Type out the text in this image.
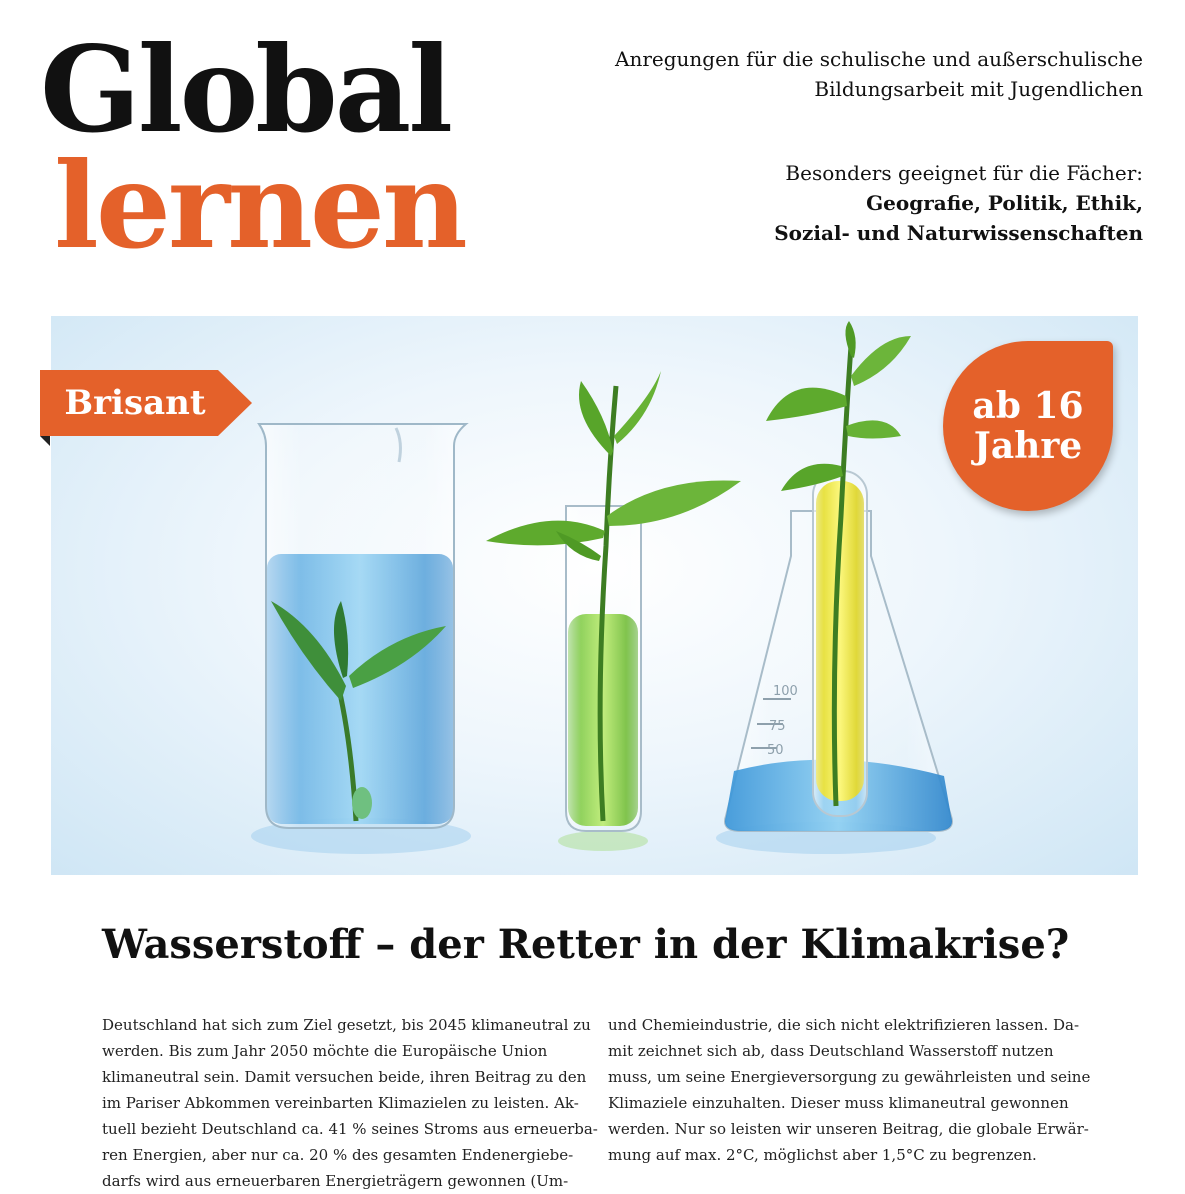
Global

lernen

Anregungen für die schulische und außerschulische
Bildungsarbeit mit Jugendlichen

Besonders geeignet für die Fächer:

Geografie, Politik, Ethik,
Sozial- und Naturwissenschaften

100
75
50
Brisant	ab 16
Jahre
Wasserstoff – der Retter in der Klimakrise?

Deutschland hat sich zum Ziel gesetzt, bis 2045 klimaneutral zu
werden. Bis zum Jahr 2050 möchte die Europäische Union
klimaneutral sein. Damit versuchen beide, ihren Beitrag zu den
im Pariser Abkommen vereinbarten Klimazielen zu leisten. Ak-
tuell bezieht Deutschland ca. 41 % seines Stroms aus erneuerba-
ren Energien, aber nur ca. 20 % des gesamten Endenergiebe-
darfs wird aus erneuerbaren Energieträgern gewonnen (Um-

und Chemieindustrie, die sich nicht elektrifizieren lassen. Da-
mit zeichnet sich ab, dass Deutschland Wasserstoff nutzen
muss, um seine Energieversorgung zu gewährleisten und seine
Klimaziele einzuhalten. Dieser muss klimaneutral gewonnen
werden. Nur so leisten wir unseren Beitrag, die globale Erwär-
mung auf max. 2°C, möglichst aber 1,5°C zu begrenzen.
